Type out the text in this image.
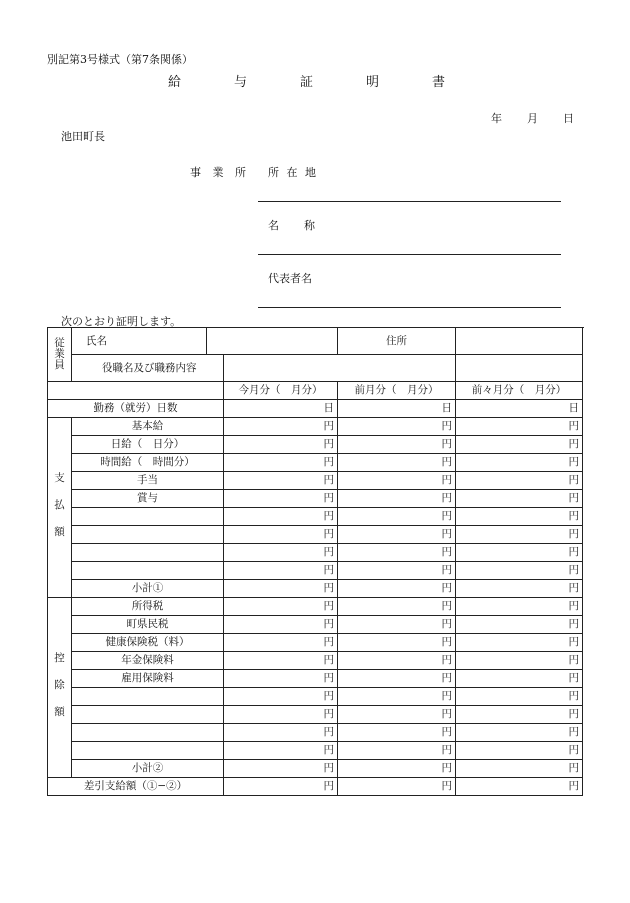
別記第3号様式（第7条関係）
給	与	証	明	書
年 月 日
池田町長
事 業 所 所 在 地
名 称
代表者名
次のとおり証明します。
従業員	氏名			住所		
	役職名及び職務内容					
			今月分（　月分）	前月分（　月分）	前々月分（　月分）	
勤務（就労）日数			日	日	日	

支
払
額	基本給		円	円	円	
	日給（　日分）		円	円	円	
	時間給（　時間分）		円	円	円	
	手当		円	円	円	
	賞与		円	円	円	
			円	円	円	
			円	円	円	
			円	円	円	
			円	円	円	
	小計①		円	円	円	

控
除
額	所得税		円	円	円	
	町県民税		円	円	円	
	健康保険税（料）		円	円	円	
	年金保険料		円	円	円	
	雇用保険料		円	円	円	
			円	円	円	
			円	円	円	
			円	円	円	
			円	円	円	
	小計②		円	円	円	
差引支給額（①−②）			円	円	円	
